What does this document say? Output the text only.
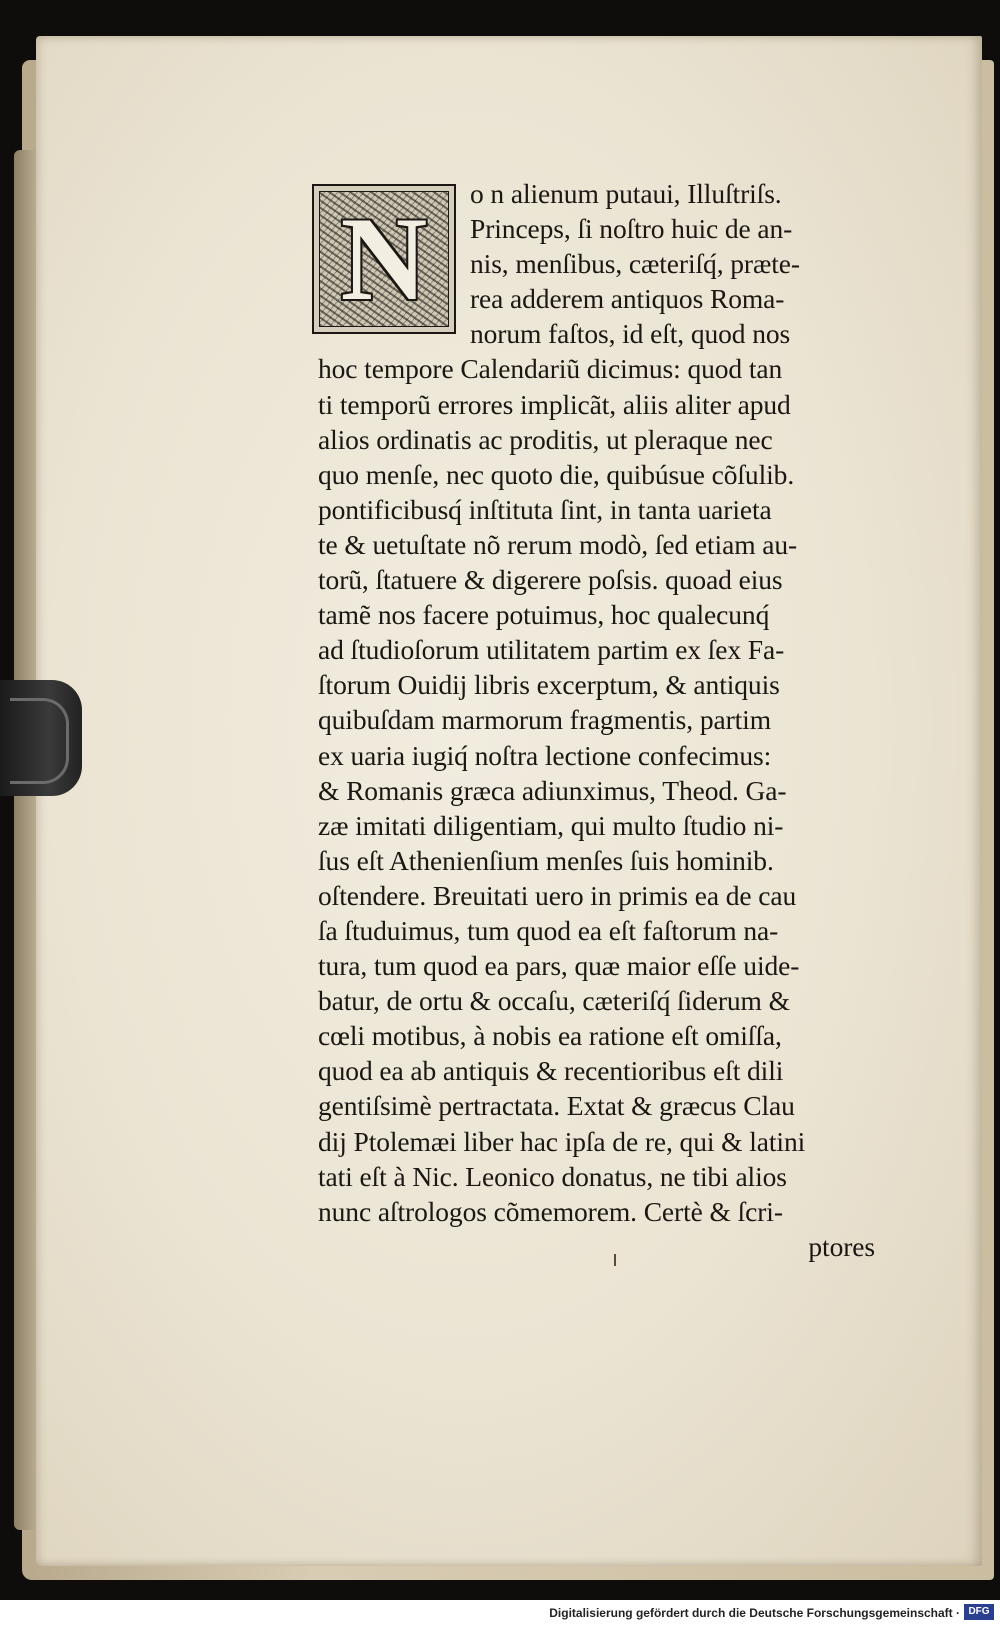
N	o n alienum putaui, Illuſtriſs.
Princeps, ſi noſtro huic de an-
nis, menſibus, cæteriſq́, præte-
rea adderem antiquos Roma-
norum faſtos, id eſt, quod nos
hoc tempore Calendariũ dicimus: quod tan
ti temporũ errores implicãt, aliis aliter apud
alios ordinatis ac proditis, ut pleraque nec
quo menſe, nec quoto die, quibúsue cõſulib.
pontificibusq́ inſtituta ſint, in tanta uarieta
te & uetuſtate nõ rerum modò, ſed etiam au-
torũ, ſtatuere & digerere poſsis. quoad eius
tamẽ nos facere potuimus, hoc qualecunq́
ad ſtudioſorum utilitatem partim ex ſex Fa-
ſtorum Ouidij libris excerptum, & antiquis
quibuſdam marmorum fragmentis, partim
ex uaria iugiq́ noſtra lectione confecimus:
& Romanis græca adiunximus, Theod. Ga-
zæ imitati diligentiam, qui multo ſtudio ni-
ſus eſt Athenienſium menſes ſuis hominib.
oſtendere. Breuitati uero in primis ea de cau
ſa ſtuduimus, tum quod ea eſt faſtorum na-
tura, tum quod ea pars, quæ maior eſſe uide-
batur, de ortu & occaſu, cæteriſq́ ſiderum &
cœli motibus, à nobis ea ratione eſt omiſſa,
quod ea ab antiquis & recentioribus eſt dili
gentiſsimè pertractata. Extat & græcus Clau
dij Ptolemæi liber hac ipſa de re, qui & latini
tati eſt à Nic. Leonico donatus, ne tibi alios
nunc aſtrologos cõmemorem. Certè & ſcri-
ptores
Digitalisierung gefördert durch die Deutsche Forschungsgemeinschaft · DFG
